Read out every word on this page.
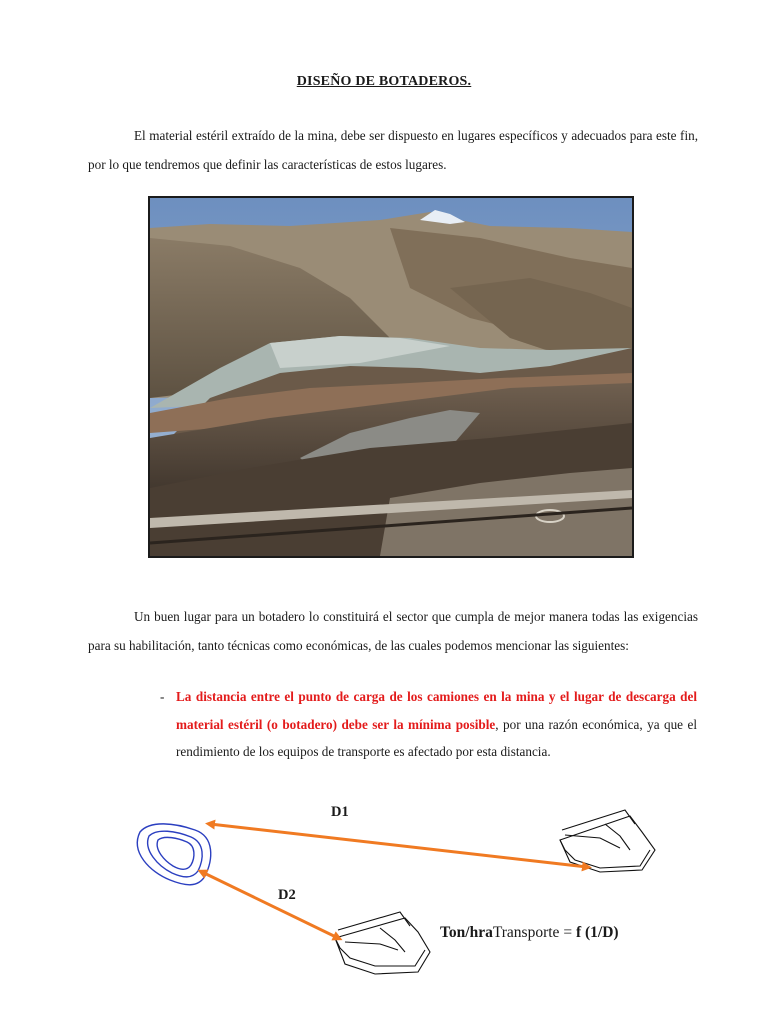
DISEÑO DE BOTADEROS.
El material estéril extraído de la mina, debe ser dispuesto en lugares específicos y adecuados para este fin, por lo que tendremos que definir las características de estos lugares.
Un buen lugar para un botadero lo constituirá el sector que cumpla de mejor manera todas las exigencias para su habilitación, tanto técnicas como económicas, de las cuales podemos mencionar las siguientes:
- La distancia entre el punto de carga de los camiones en la mina y el lugar de descarga del material estéril (o botadero) debe ser la mínima posible, por una razón económica, ya que el rendimiento de los equipos de transporte es afectado por esta distancia.
D1
D2
Ton/hraTransporte = f (1/D)
